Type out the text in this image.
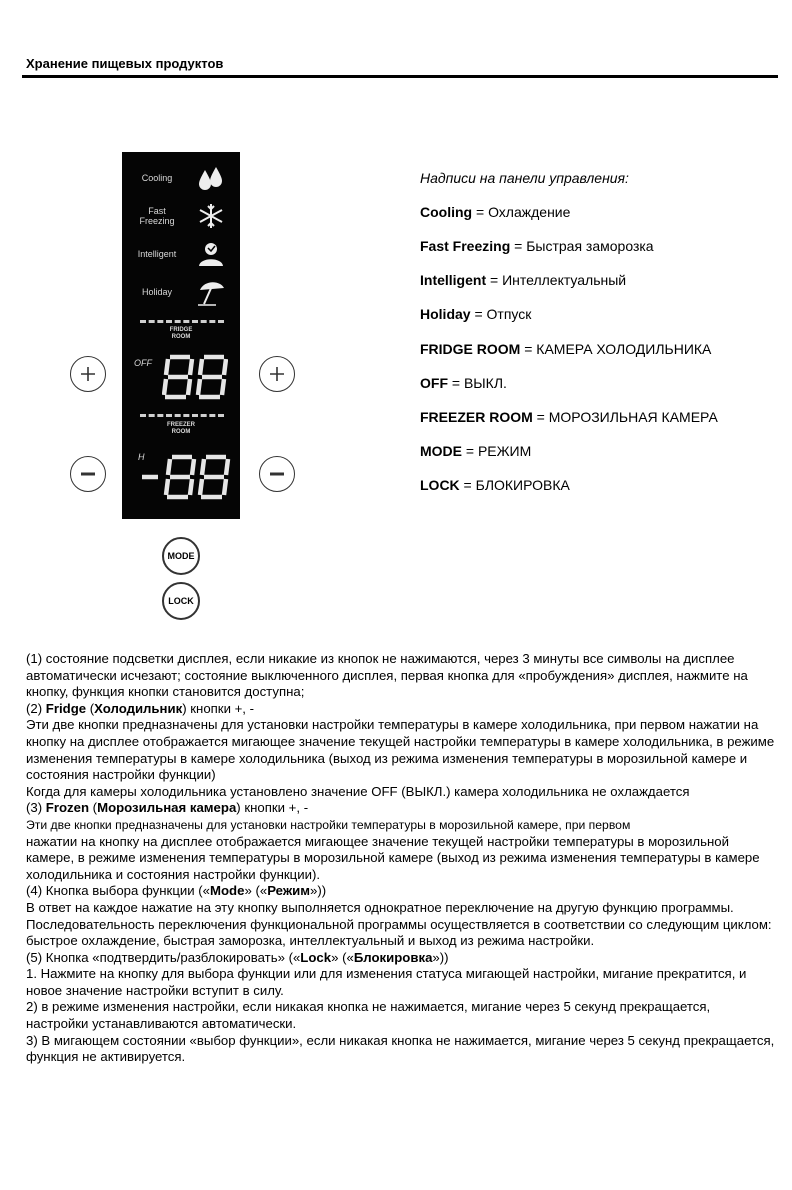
Хранение пищевых продуктов
Cooling
Fast
Freezing
Intelligent
Holiday
FRIDGE
ROOM
OFF
FREEZER
ROOM
H
MODE
LOCK
Надписи на панели управления:
Cooling = Охлаждение
Fast Freezing = Быстрая заморозка
Intelligent = Интеллектуальный
Holiday = Отпуск
FRIDGE ROOM = КАМЕРА ХОЛОДИЛЬНИКА
OFF = ВЫКЛ.
FREEZER ROOM = МОРОЗИЛЬНАЯ КАМЕРА
MODE = РЕЖИМ
LOCK = БЛОКИРОВКА

(1) состояние подсветки дисплея, если никакие из кнопок не нажимаются, через 3 минуты все символы на дисплее автоматически исчезают; состояние выключенного дисплея, первая кнопка для «пробуждения» дисплея, нажмите на кнопку, функция кнопки становится доступна;

(2) Fridge (Холодильник) кнопки +, -

Эти две кнопки предназначены для установки настройки температуры в камере холодильника, при первом нажатии на кнопку на дисплее отображается мигающее значение текущей настройки температуры в камере холодильника, в режиме изменения температуры в камере холодильника (выход из режима изменения температуры в морозильной камере и состояния настройки функции)

Когда для камеры холодильника установлено значение OFF (ВЫКЛ.) камера холодильника не охлаждается

(3) Frozen (Морозильная камера) кнопки +, -

Эти две кнопки предназначены для установки настройки температуры в морозильной камере, при первом

нажатии на кнопку на дисплее отображается мигающее значение текущей настройки температуры в морозильной камере, в режиме изменения температуры в морозильной камере (выход из режима изменения температуры в камере холодильника и состояния настройки функции).

(4) Кнопка выбора функции («Mode» («Режим»))

В ответ на каждое нажатие на эту кнопку выполняется однократное переключение на другую функцию программы. Последовательность переключения функциональной программы осуществляется в соответствии со следующим циклом: быстрое охлаждение, быстрая заморозка, интеллектуальный и выход из режима настройки.

(5) Кнопка «подтвердить/разблокировать» («Lock» («Блокировка»))

1. Нажмите на кнопку для выбора функции или для изменения статуса мигающей настройки, мигание прекратится, и новое значение настройки вступит в силу.

2) в режиме изменения настройки, если никакая кнопка не нажимается, мигание через 5 секунд прекращается, настройки устанавливаются автоматически.

3) В мигающем состоянии «выбор функции», если никакая кнопка не нажимается, мигание через 5 секунд прекращается, функция не активируется.
